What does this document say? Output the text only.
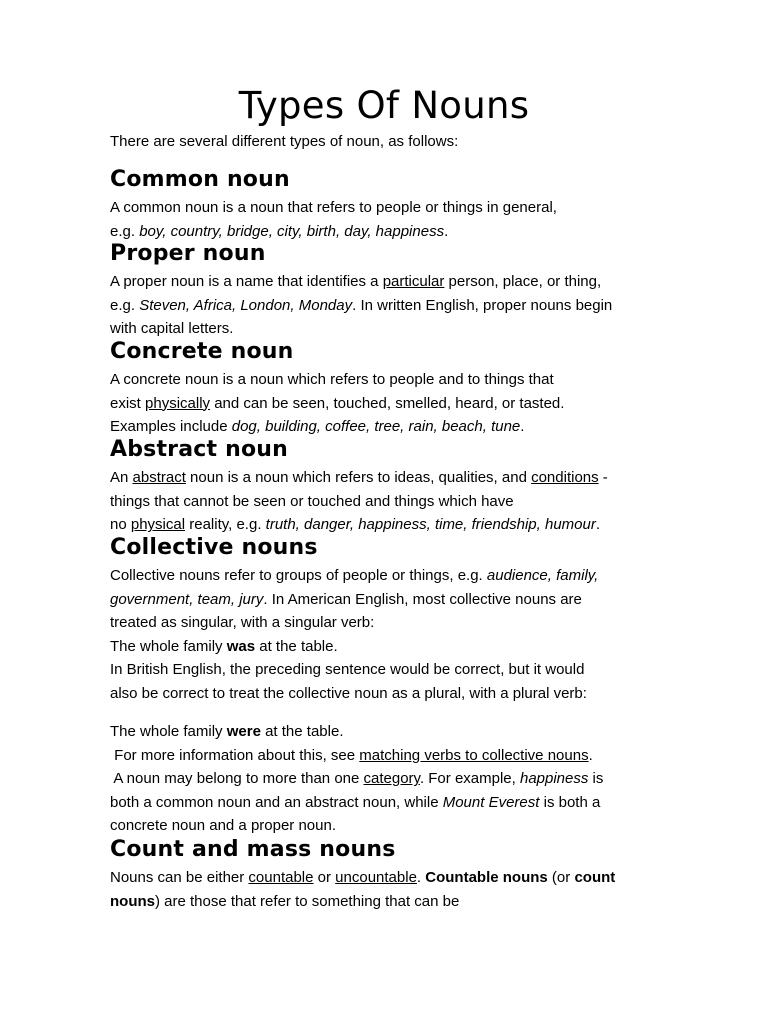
Types Of Nouns

There are several different types of noun, as follows:

Common noun
A common noun is a noun that refers to people or things in general,
e.g. boy, country, bridge, city, birth, day, happiness.
Proper noun
A proper noun is a name that identifies a particular person, place, or thing,
e.g. Steven, Africa, London, Monday. In written English, proper nouns begin
with capital letters.
Concrete noun
A concrete noun is a noun which refers to people and to things that
exist physically and can be seen, touched, smelled, heard, or tasted.
Examples include dog, building, coffee, tree, rain, beach, tune.
Abstract noun
An abstract noun is a noun which refers to ideas, qualities, and conditions -
things that cannot be seen or touched and things which have
no physical reality, e.g. truth, danger, happiness, time, friendship, humour.
Collective nouns
Collective nouns refer to groups of people or things, e.g. audience, family,
government, team, jury. In American English, most collective nouns are
treated as singular, with a singular verb:
The whole family was at the table.
In British English, the preceding sentence would be correct, but it would
also be correct to treat the collective noun as a plural, with a plural verb:
The whole family were at the table.
For more information about this, see matching verbs to collective nouns.
A noun may belong to more than one category. For example, happiness is
both a common noun and an abstract noun, while Mount Everest is both a
concrete noun and a proper noun.
Count and mass nouns
Nouns can be either countable or uncountable. Countable nouns (or count
nouns) are those that refer to something that can be
